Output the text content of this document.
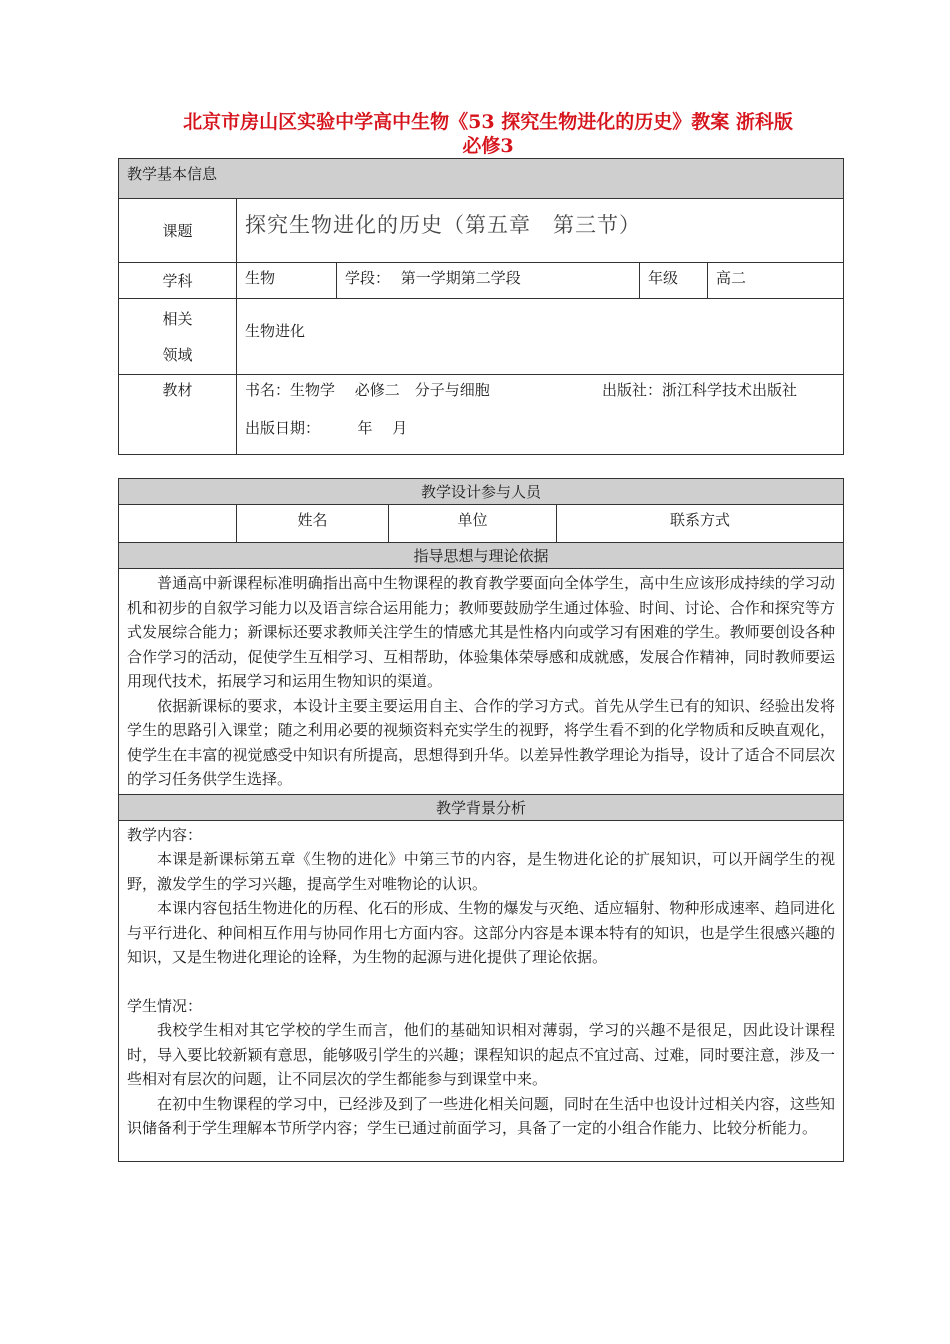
北京市房山区实验中学高中生物《53 探究生物进化的历史》教案 浙科版
必修3
教学基本信息				
课题	探究生物进化的历史（第五章　第三节）			
学科	生物	学段： 第一学期第二学段	年级	高二

相关
领域	生物进化			
教材	书名：生物学　 必修二　分子与细胞 出版社：浙江科学技术出版社
出版日期：　　　年　 月			
教学设计参与人员
	姓名	单位	联系方式
指导思想与理论依据

普通高中新课程标准明确指出高中生物课程的教育教学要面向全体学生，高中生应该形成持续的学习动机和初步的自叙学习能力以及语言综合运用能力；教师要鼓励学生通过体验、时间、讨论、合作和探究等方式发展综合能力；新课标还要求教师关注学生的情感尤其是性格内向或学习有困难的学生。教师要创设各种合作学习的活动，促使学生互相学习、互相帮助，体验集体荣辱感和成就感，发展合作精神，同时教师要运用现代技术，拓展学习和运用生物知识的渠道。

依据新课标的要求，本设计主要主要运用自主、合作的学习方式。首先从学生已有的知识、经验出发将学生的思路引入课堂；随之利用必要的视频资料充实学生的视野，将学生看不到的化学物质和反映直观化，使学生在丰富的视觉感受中知识有所提高，思想得到升华。以差异性教学理论为指导，设计了适合不同层次的学习任务供学生选择。

教学背景分析

教学内容：

本课是新课标第五章《生物的进化》中第三节的内容，是生物进化论的扩展知识，可以开阔学生的视野，激发学生的学习兴趣，提高学生对唯物论的认识。

本课内容包括生物进化的历程、化石的形成、生物的爆发与灭绝、适应辐射、物种形成速率、趋同进化与平行进化、种间相互作用与协同作用七方面内容。这部分内容是本课本特有的知识，也是学生很感兴趣的知识，又是生物进化理论的诠释，为生物的起源与进化提供了理论依据。

学生情况：

我校学生相对其它学校的学生而言，他们的基础知识相对薄弱，学习的兴趣不是很足，因此设计课程时，导入要比较新颖有意思，能够吸引学生的兴趣；课程知识的起点不宜过高、过难，同时要注意，涉及一些相对有层次的问题，让不同层次的学生都能参与到课堂中来。

在初中生物课程的学习中，已经涉及到了一些进化相关问题，同时在生活中也设计过相关内容，这些知识储备利于学生理解本节所学内容；学生已通过前面学习，具备了一定的小组合作能力、比较分析能力。
